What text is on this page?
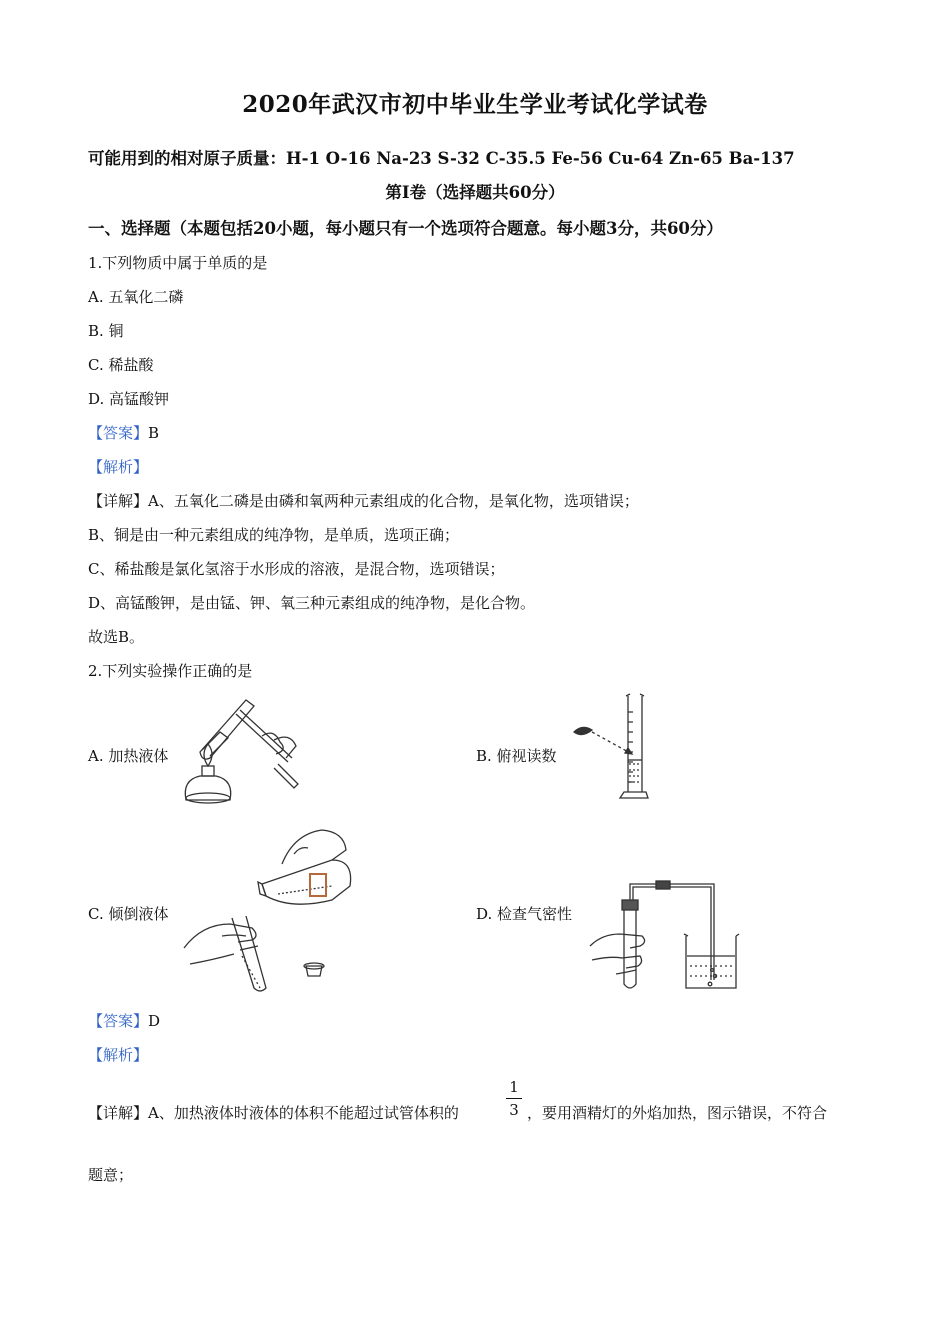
2020年武汉市初中毕业生学业考试化学试卷
可能用到的相对原子质量：H-1 O-16 Na-23 S-32 C-35.5 Fe-56 Cu-64 Zn-65 Ba-137
第I卷（选择题共60分）
一、选择题（本题包括20小题，每小题只有一个选项符合题意。每小题3分，共60分）
1.下列物质中属于单质的是
A. 五氧化二磷
B. 铜
C. 稀盐酸
D. 高锰酸钾
【答案】B
【解析】
【详解】A、五氧化二磷是由磷和氧两种元素组成的化合物，是氧化物，选项错误；
B、铜是由一种元素组成的纯净物，是单质，选项正确；
C、稀盐酸是氯化氢溶于水形成的溶液，是混合物，选项错误；
D、高锰酸钾，是由锰、钾、氧三种元素组成的纯净物，是化合物。
故选B。
2.下列实验操作正确的是
A. 加热液体	B. 俯视读数
C. 倾倒液体	D. 检查气密性
【答案】D
【解析】
【详解】A、加热液体时液体的体积不能超过试管体积的
1
3 ，要用酒精灯的外焰加热，图示错误，不符合
题意；
